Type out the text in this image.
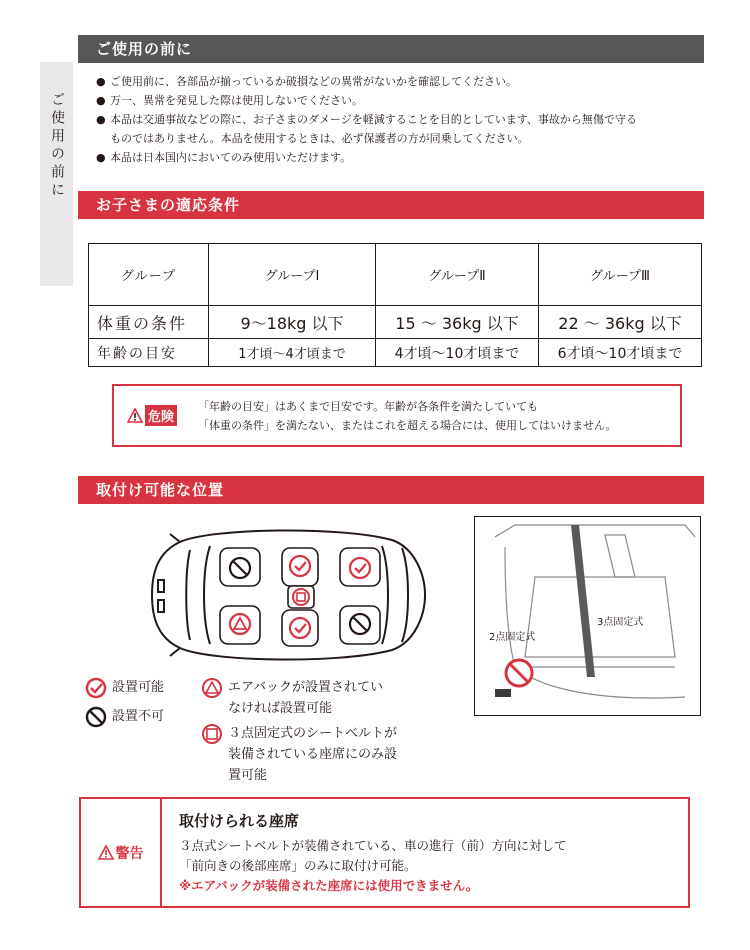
ご使用の前に
ご使用の前に
● ご使用前に、各部品が揃っているか破損などの異常がないかを確認してください。
● 万一、異常を発見した際は使用しないでください。
● 本品は交通事故などの際に、お子さまのダメージを軽減することを目的としています、事故から無傷で守る
ものではありません。本品を使用するときは、必ず保護者の方が同乗してください。
● 本品は日本国内においてのみ使用いただけます。
お子さまの適応条件
グループ	グループⅠ	グループⅡ	グループⅢ
体重の条件	9～18kg 以下	15 ～ 36kg 以下	22 ～ 36kg 以下
年齢の目安	1才頃～4才頃まで	4才頃～10才頃まで	6才頃～10才頃まで
危険
「年齢の目安」はあくまで目安です。年齢が各条件を満たしていても
「体重の条件」を満たない、またはこれを超える場合には、使用してはいけません。
取付け可能な位置
2点固定式
3点固定式
設置可能
設置不可
エアバックが設置されてい
なければ設置可能
３点固定式のシートベルトが
装備されている座席にのみ設
置可能
警告
取付けられる座席
３点式シートベルトが装備されている、車の進行（前）方向に対して
「前向きの後部座席」のみに取付け可能。
※エアバックが装備された座席には使用できません。
